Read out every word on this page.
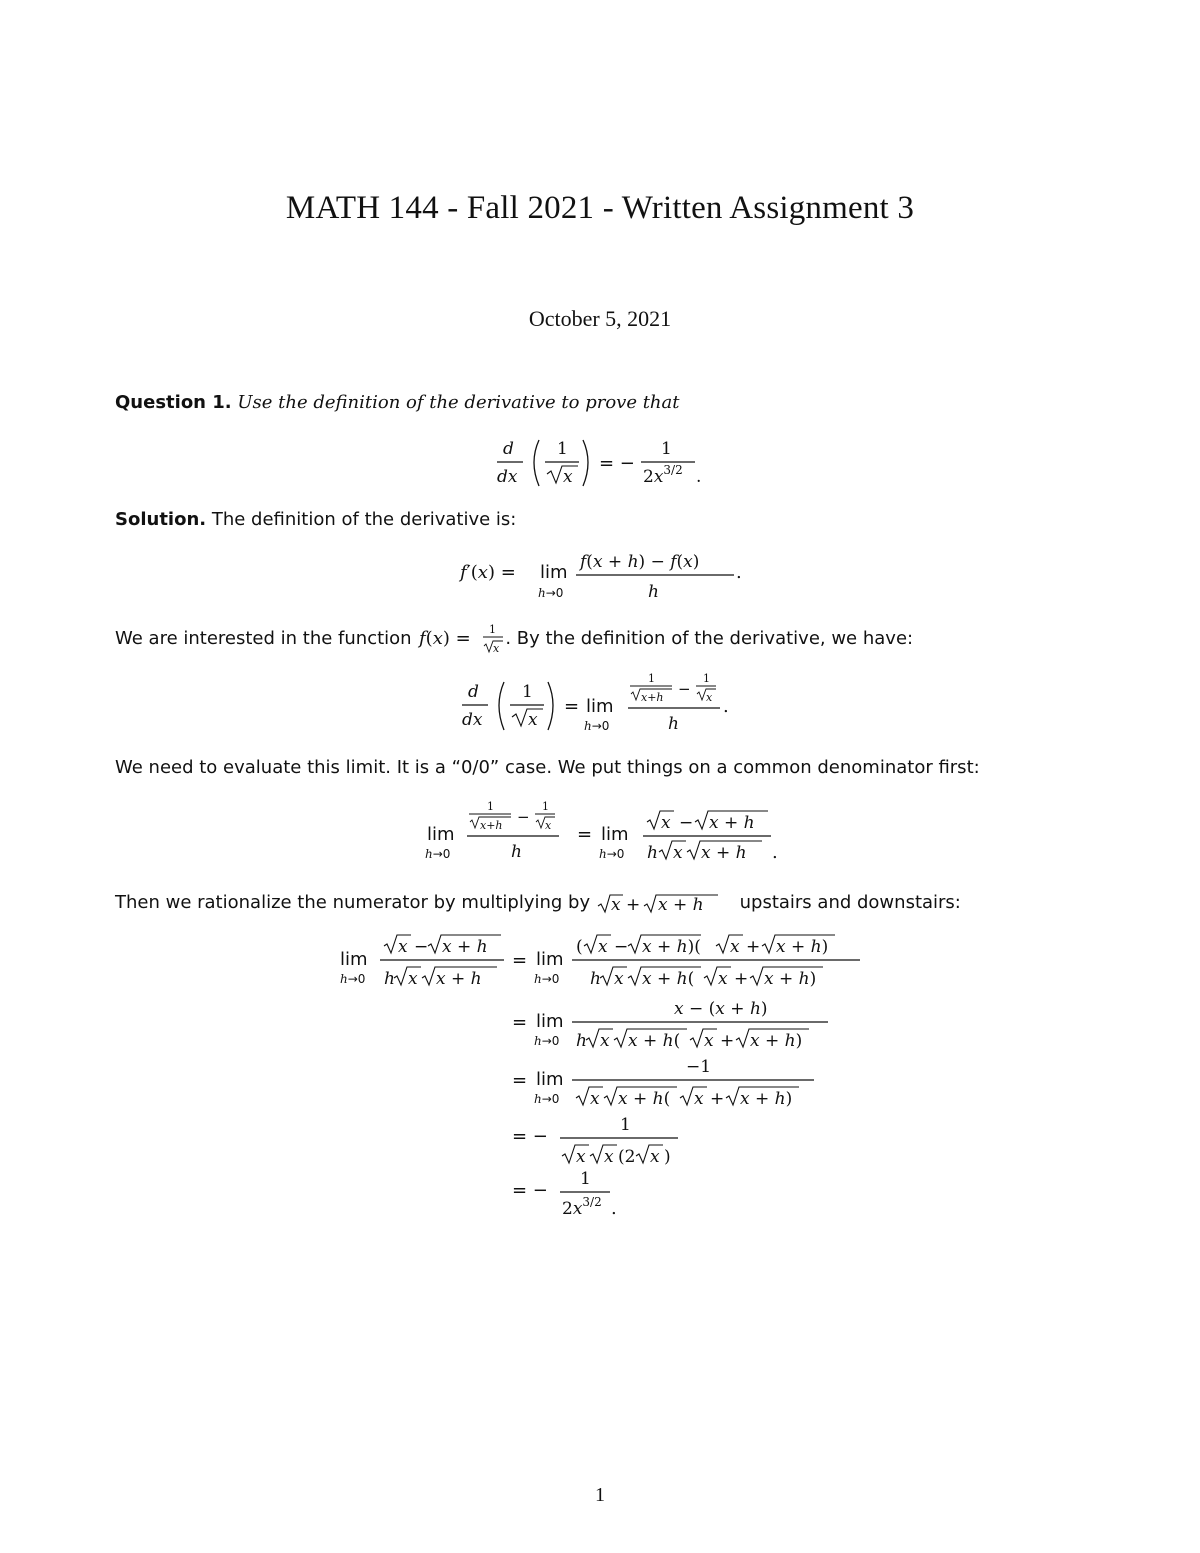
MATH 144 - Fall 2021 - Written Assignment 3
October 5, 2021
Question 1. Use the definition of the derivative to prove that
d
dx
1
x
= −
1
$2x^{3/2}$ .
Solution. The definition of the derivative is:
f′(x) = lim
h→0
f(x + h) − f(x)
h
.
We are interested in the function f(x) = 1
x . By the definition of the derivative, we have:
d
dx
1
x
= lim
h→0
1
x+h −
1
x
h
.
We need to evaluate this limit. It is a “0/0” case. We put things on a common denominator first:
lim
h→0
1
x+h −
1
x
h
= lim
h→0
x − x + h
h x x + h .
Then we rationalize the numerator by multiplying by x + x + h upstairs and downstairs:
lim
h→0
x − x + h
h x x + h
= lim
h→0
( x − x + h)( x + x + h)
h x x + h( x + x + h)
= lim
h→0
x − (x + h)
h x x + h( x + x + h)
= lim
h→0
−1
x x + h( x + x + h)
= −
1
x x (2 x )
= −
1
$2x^{3/2}$ .
1
